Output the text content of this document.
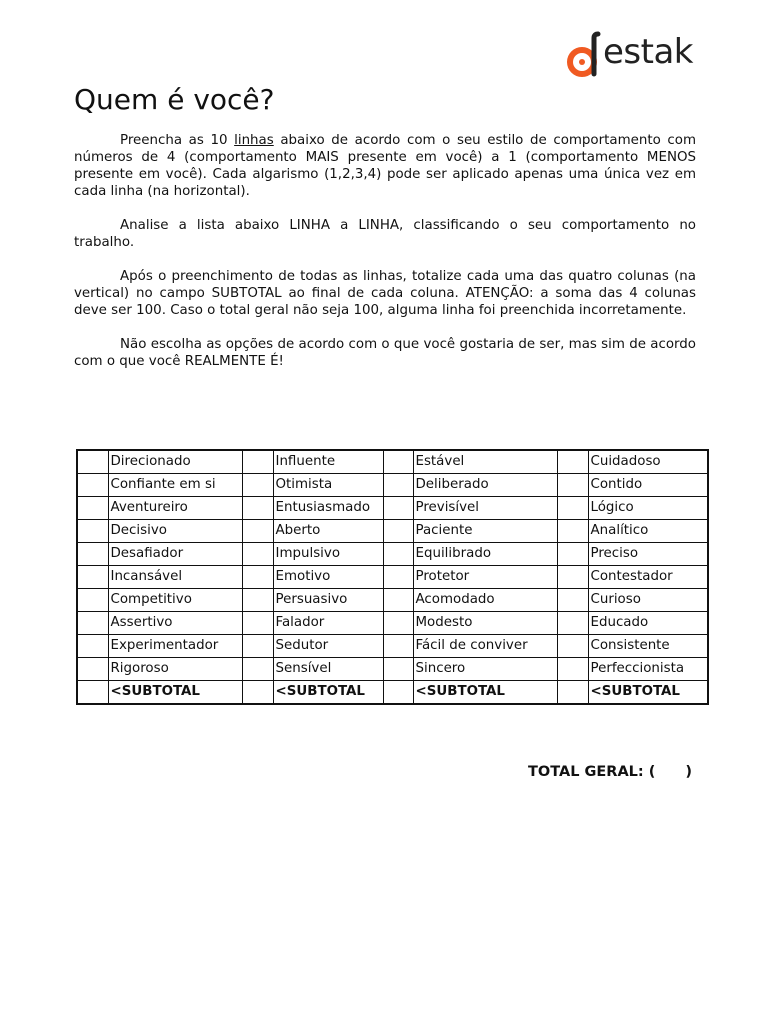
estak
Quem é você?

Preencha as 10 linhas abaixo de acordo com o seu estilo de comportamento com números de 4 (comportamento MAIS presente em você) a 1 (comportamento MENOS presente em você). Cada algarismo (1,2,3,4) pode ser aplicado apenas uma única vez em cada linha (na horizontal).

Analise a lista abaixo LINHA a LINHA, classificando o seu comportamento no trabalho.

Após o preenchimento de todas as linhas, totalize cada uma das quatro colunas (na vertical) no campo SUBTOTAL ao final de cada coluna. ATENÇÃO: a soma das 4 colunas deve ser 100. Caso o total geral não seja 100, alguma linha foi preenchida incorretamente.

Não escolha as opções de acordo com o que você gostaria de ser, mas sim de acordo com o que você REALMENTE É!

	Direcionado		Influente		Estável		Cuidadoso
	Confiante em si		Otimista		Deliberado		Contido
	Aventureiro		Entusiasmado		Previsível		Lógico
	Decisivo		Aberto		Paciente		Analítico
	Desafiador		Impulsivo		Equilibrado		Preciso
	Incansável		Emotivo		Protetor		Contestador
	Competitivo		Persuasivo		Acomodado		Curioso
	Assertivo		Falador		Modesto		Educado
	Experimentador		Sedutor		Fácil de conviver		Consistente
	Rigoroso		Sensível		Sincero		Perfeccionista
	<SUBTOTAL		<SUBTOTAL		<SUBTOTAL		<SUBTOTAL
TOTAL GERAL: ( )
